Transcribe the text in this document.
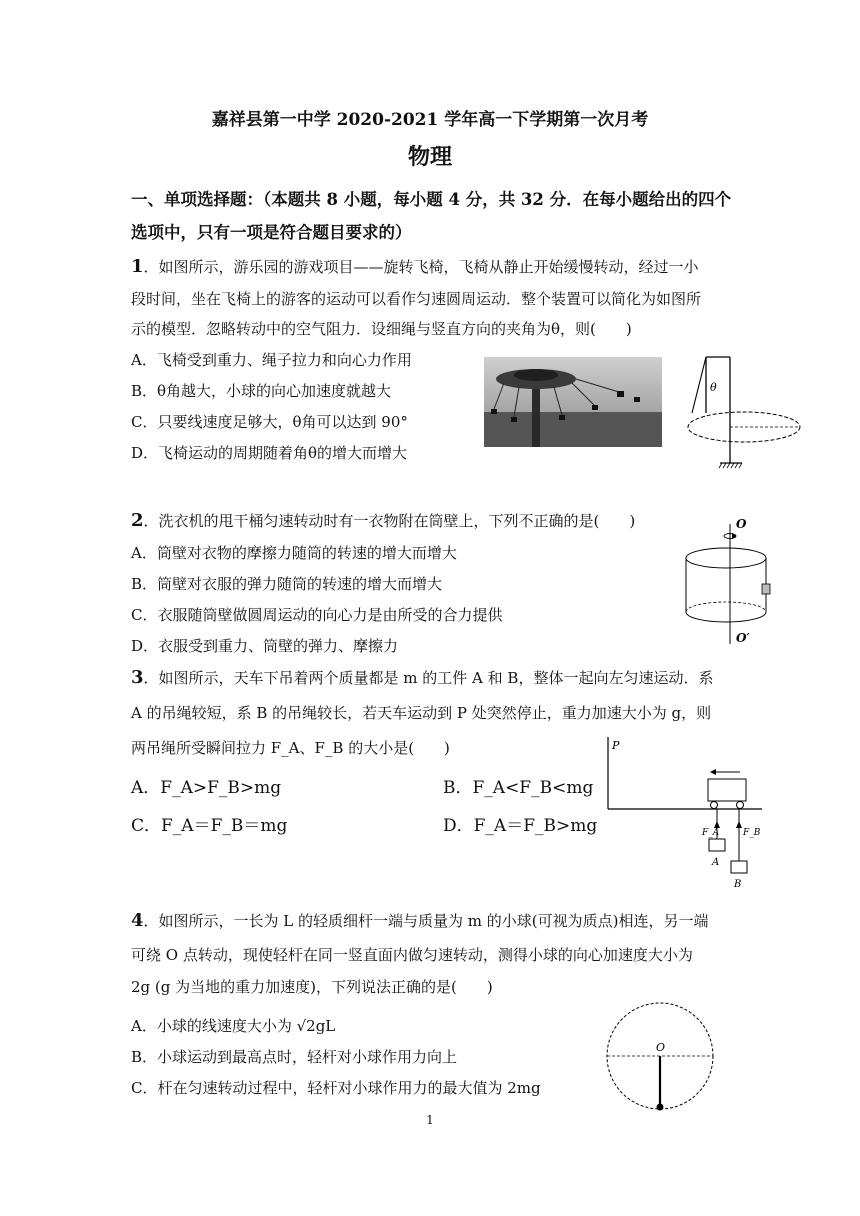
嘉祥县第一中学 2020-2021 学年高一下学期第一次月考
物理
一、单项选择题：（本题共 8 小题，每小题 4 分，共 32 分．在每小题给出的四个
选项中，只有一项是符合题目要求的）
1．如图所示，游乐园的游戏项目——旋转飞椅，飞椅从静止开始缓慢转动，经过一小
段时间，坐在飞椅上的游客的运动可以看作匀速圆周运动．整个装置可以简化为如图所
示的模型．忽略转动中的空气阻力．设细绳与竖直方向的夹角为θ，则(　　)
A．飞椅受到重力、绳子拉力和向心力作用
B．θ角越大，小球的向心加速度就越大
C．只要线速度足够大，θ角可以达到 90°
D．飞椅运动的周期随着角θ的增大而增大
θ
2．洗衣机的甩干桶匀速转动时有一衣物附在筒壁上，下列不正确的是(　　)
A．筒壁对衣物的摩擦力随筒的转速的增大而增大
B．筒壁对衣服的弹力随筒的转速的增大而增大
C．衣服随筒壁做圆周运动的向心力是由所受的合力提供
D．衣服受到重力、筒壁的弹力、摩擦力
O
O′
3．如图所示，天车下吊着两个质量都是 m 的工件 A 和 B，整体一起向左匀速运动．系
A 的吊绳较短，系 B 的吊绳较长，若天车运动到 P 处突然停止，重力加速大小为 g，则
两吊绳所受瞬间拉力 F_A、F_B 的大小是(　　)
A．F_A>F_B>mg	B．F_A<F_B<mg
C．F_A＝F_B＝mg	D．F_A＝F_B>mg
P
F_A	F_B
A
B
4．如图所示，一长为 L 的轻质细杆一端与质量为 m 的小球(可视为质点)相连，另一端
可绕 O 点转动，现使轻杆在同一竖直面内做匀速转动，测得小球的向心加速度大小为
2g (g 为当地的重力加速度)，下列说法正确的是(　　)
A．小球的线速度大小为 √2gL
B．小球运动到最高点时，轻杆对小球作用力向上
C．杆在匀速转动过程中，轻杆对小球作用力的最大值为 2mg
O
1
